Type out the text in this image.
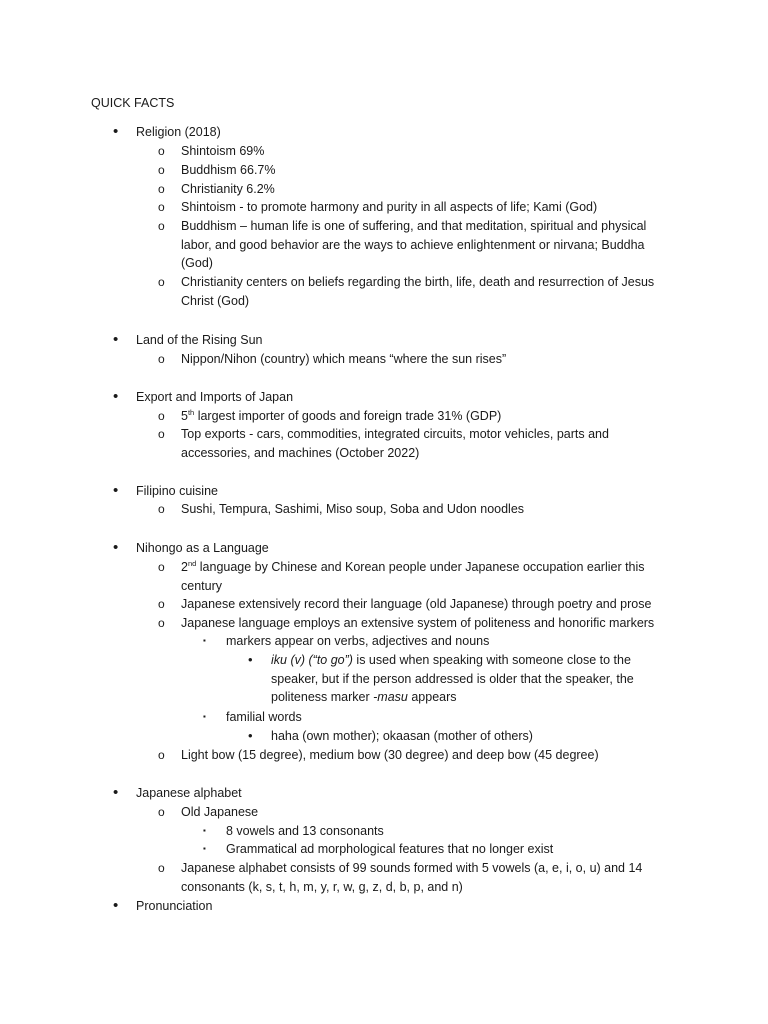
QUICK FACTS
• Religion (2018)
o Shintoism 69%
o Buddhism 66.7%
o Christianity 6.2%
o Shintoism - to promote harmony and purity in all aspects of life; Kami (God)
o Buddhism – human life is one of suffering, and that meditation, spiritual and physical
labor, and good behavior are the ways to achieve enlightenment or nirvana; Buddha
(God)
o Christianity centers on beliefs regarding the birth, life, death and resurrection of Jesus
Christ (God)
• Land of the Rising Sun
o Nippon/Nihon (country) which means “where the sun rises”
• Export and Imports of Japan
o 5th largest importer of goods and foreign trade 31% (GDP)
o Top exports - cars, commodities, integrated circuits, motor vehicles, parts and
accessories, and machines (October 2022)
• Filipino cuisine
o Sushi, Tempura, Sashimi, Miso soup, Soba and Udon noodles
• Nihongo as a Language
o 2nd language by Chinese and Korean people under Japanese occupation earlier this
century
o Japanese extensively record their language (old Japanese) through poetry and prose
o Japanese language employs an extensive system of politeness and honorific markers
▪ markers appear on verbs, adjectives and nouns
• iku (v) (“to go”) is used when speaking with someone close to the
speaker, but if the person addressed is older that the speaker, the
politeness marker -masu appears
▪ familial words
• haha (own mother); okaasan (mother of others)
o Light bow (15 degree), medium bow (30 degree) and deep bow (45 degree)
• Japanese alphabet
o Old Japanese
▪ 8 vowels and 13 consonants
▪ Grammatical ad morphological features that no longer exist
o Japanese alphabet consists of 99 sounds formed with 5 vowels (a, e, i, o, u) and 14
consonants (k, s, t, h, m, y, r, w, g, z, d, b, p, and n)
• Pronunciation
